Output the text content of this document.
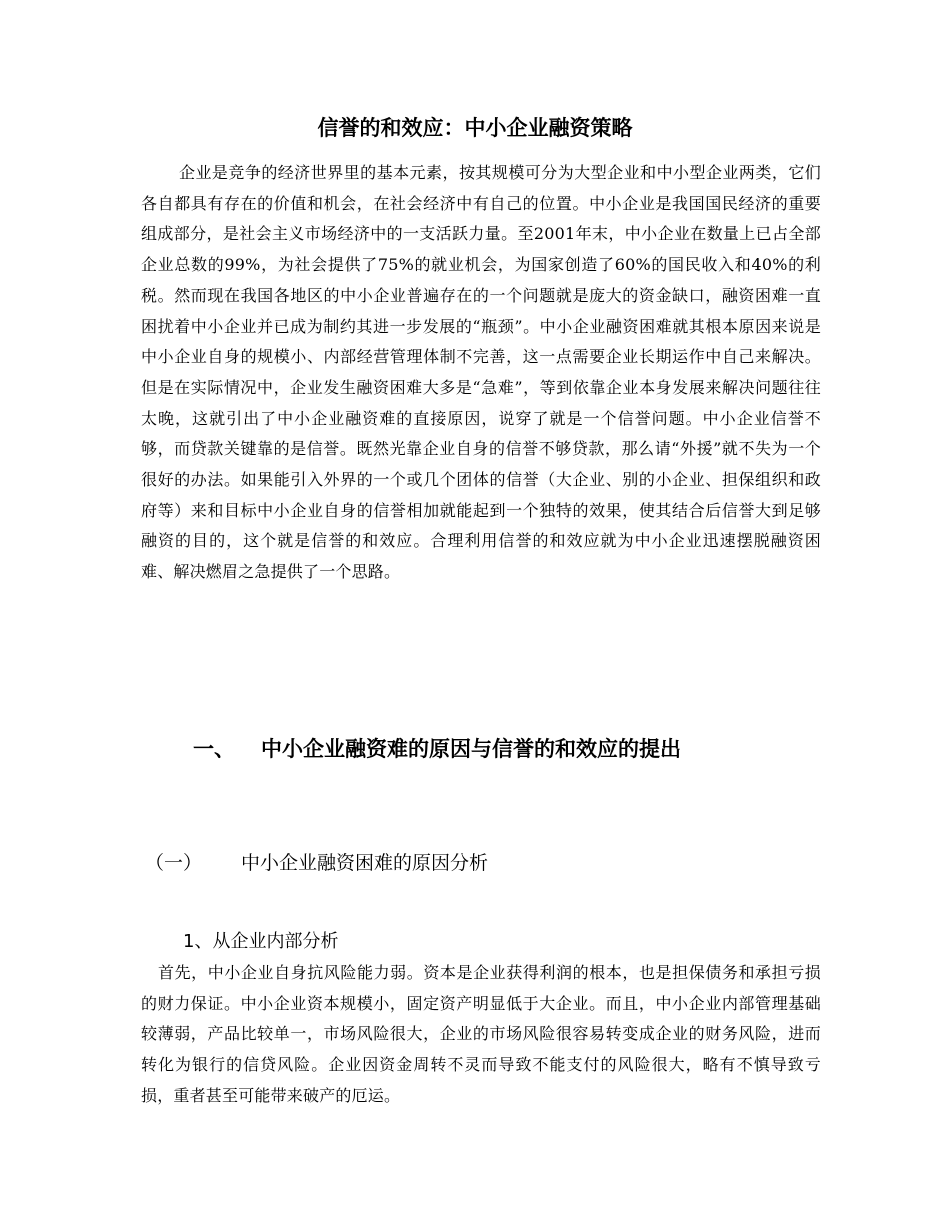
信誉的和效应：中小企业融资策略

企业是竞争的经济世界里的基本元素，按其规模可分为大型企业和中小型企业两类，它们各自都具有存在的价值和机会，在社会经济中有自己的位置。中小企业是我国国民经济的重要组成部分，是社会主义市场经济中的一支活跃力量。至2001年末，中小企业在数量上已占全部企业总数的99%，为社会提供了75%的就业机会，为国家创造了60%的国民收入和40%的利税。然而现在我国各地区的中小企业普遍存在的一个问题就是庞大的资金缺口，融资困难一直困扰着中小企业并已成为制约其进一步发展的“瓶颈”。中小企业融资困难就其根本原因来说是中小企业自身的规模小、内部经营管理体制不完善，这一点需要企业长期运作中自己来解决。但是在实际情况中，企业发生融资困难大多是“急难”，等到依靠企业本身发展来解决问题往往太晚，这就引出了中小企业融资难的直接原因，说穿了就是一个信誉问题。中小企业信誉不够，而贷款关键靠的是信誉。既然光靠企业自身的信誉不够贷款，那么请“外援”就不失为一个很好的办法。如果能引入外界的一个或几个团体的信誉（大企业、别的小企业、担保组织和政府等）来和目标中小企业自身的信誉相加就能起到一个独特的效果，使其结合后信誉大到足够融资的目的，这个就是信誉的和效应。合理利用信誉的和效应就为中小企业迅速摆脱融资困难、解决燃眉之急提供了一个思路。

一、 中小企业融资难的原因与信誉的和效应的提出
（一） 中小企业融资困难的原因分析
1、从企业内部分析

首先，中小企业自身抗风险能力弱。资本是企业获得利润的根本，也是担保债务和承担亏损的财力保证。中小企业资本规模小，固定资产明显低于大企业。而且，中小企业内部管理基础较薄弱，产品比较单一，市场风险很大，企业的市场风险很容易转变成企业的财务风险，进而转化为银行的信贷风险。企业因资金周转不灵而导致不能支付的风险很大，略有不慎导致亏损，重者甚至可能带来破产的厄运。
